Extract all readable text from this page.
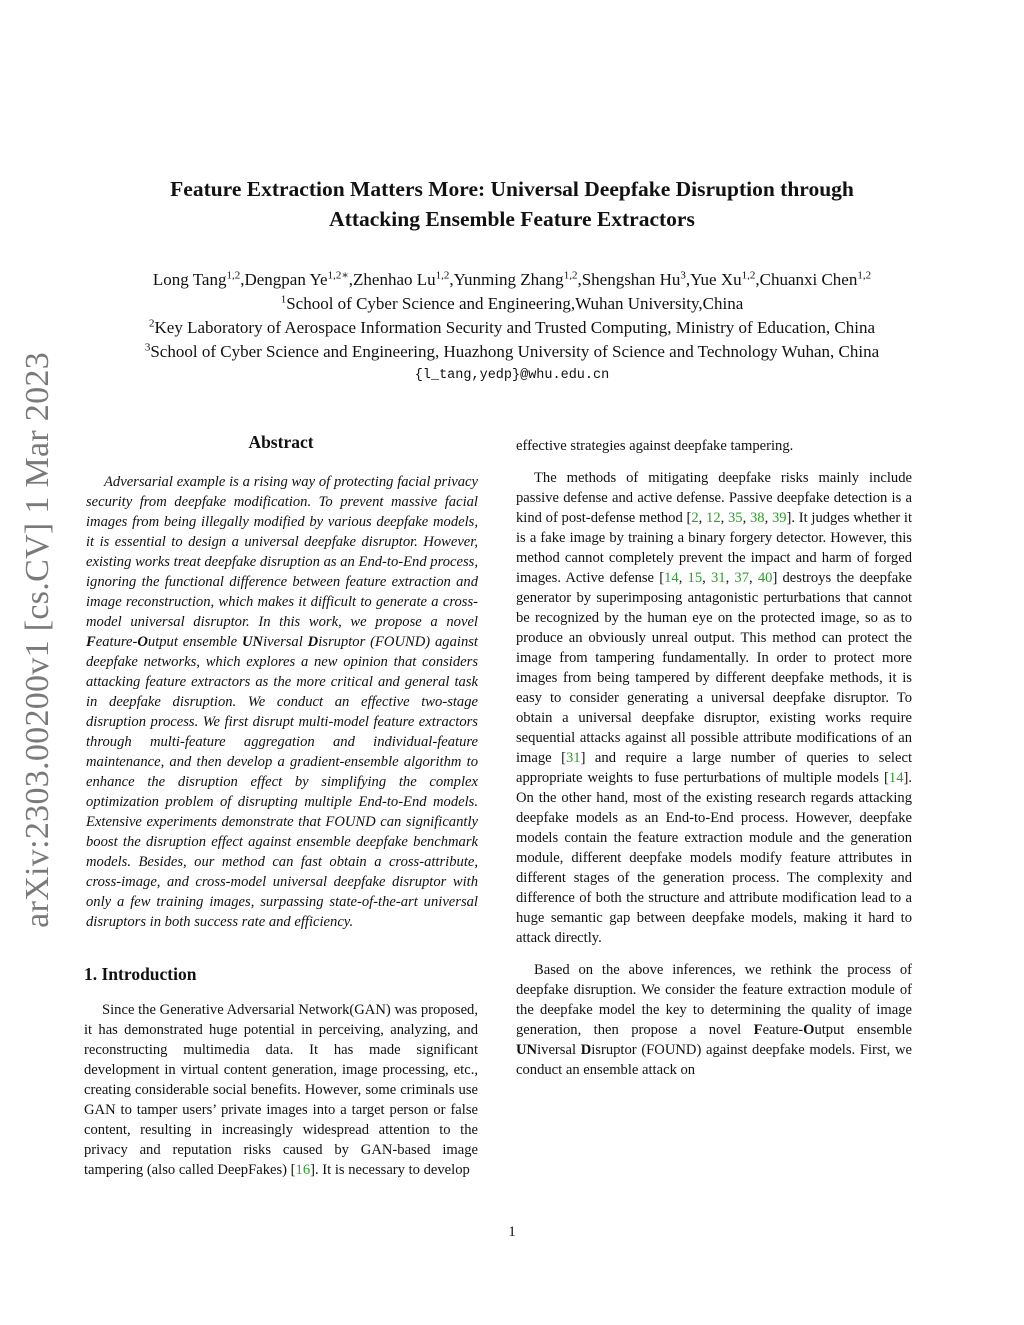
arXiv:2303.00200v1 [cs.CV] 1 Mar 2023
Feature Extraction Matters More: Universal Deepfake Disruption through
Attacking Ensemble Feature Extractors
Long Tang$^{1,2}$,Dengpan $Ye^{1,2∗},Zhenhao$ Lu$^{1,2}$,Yunming Zhang$^{1,2}$,Shengshan Hu$^3$,Yue Xu$^{1,2}$,Chuanxi Chen$^{1,2}$
$^1$School of Cyber Science and Engineering,Wuhan University,China
$^2$Key Laboratory of Aerospace Information Security and Trusted Computing, Ministry of Education, China
$^3$School of Cyber Science and Engineering, Huazhong University of Science and Technology Wuhan, China
{l_tang,yedp}@whu.edu.cn

Abstract

Adversarial example is a rising way of protecting facial privacy security from deepfake modification. To prevent massive facial images from being illegally modified by various deepfake models, it is essential to design a universal deepfake disruptor. However, existing works treat deepfake disruption as an End-to-End process, ignoring the functional difference between feature extraction and image reconstruction, which makes it difficult to generate a cross-model universal disruptor. In this work, we propose a novel Feature-Output ensemble UNiversal Disruptor (FOUND) against deepfake networks, which explores a new opinion that considers attacking feature extractors as the more critical and general task in deepfake disruption. We conduct an effective two-stage disruption process. We first disrupt multi-model feature extractors through multi-feature aggregation and individual-feature maintenance, and then develop a gradient-ensemble algorithm to enhance the disruption effect by simplifying the complex optimization problem of disrupting multiple End-to-End models. Extensive experiments demonstrate that FOUND can significantly boost the disruption effect against ensemble deepfake benchmark models. Besides, our method can fast obtain a cross-attribute, cross-image, and cross-model universal deepfake disruptor with only a few training images, surpassing state-of-the-art universal disruptors in both success rate and efficiency.

1. Introduction

Since the Generative Adversarial Network(GAN) was proposed, it has demonstrated huge potential in perceiving, analyzing, and reconstructing multimedia data. It has made significant development in virtual content generation, image processing, etc., creating considerable social benefits. However, some criminals use GAN to tamper users’ private images into a target person or false content, resulting in increasingly widespread attention to the privacy and reputation risks caused by GAN-based image tampering (also called DeepFakes) [16]. It is necessary to develop

effective strategies against deepfake tampering.

The methods of mitigating deepfake risks mainly include passive defense and active defense. Passive deepfake detection is a kind of post-defense method [2, 12, 35, 38, 39]. It judges whether it is a fake image by training a binary forgery detector. However, this method cannot completely prevent the impact and harm of forged images. Active defense [14, 15, 31, 37, 40] destroys the deepfake generator by superimposing antagonistic perturbations that cannot be recognized by the human eye on the protected image, so as to produce an obviously unreal output. This method can protect the image from tampering fundamentally. In order to protect more images from being tampered by different deepfake methods, it is easy to consider generating a universal deepfake disruptor. To obtain a universal deepfake disruptor, existing works require sequential attacks against all possible attribute modifications of an image [31] and require a large number of queries to select appropriate weights to fuse perturbations of multiple models [14]. On the other hand, most of the existing research regards attacking deepfake models as an End-to-End process. However, deepfake models contain the feature extraction module and the generation module, different deepfake models modify feature attributes in different stages of the generation process. The complexity and difference of both the structure and attribute modification lead to a huge semantic gap between deepfake models, making it hard to attack directly.

Based on the above inferences, we rethink the process of deepfake disruption. We consider the feature extraction module of the deepfake model the key to determining the quality of image generation, then propose a novel Feature-Output ensemble UNiversal Disruptor (FOUND) against deepfake models. First, we conduct an ensemble attack on

1
